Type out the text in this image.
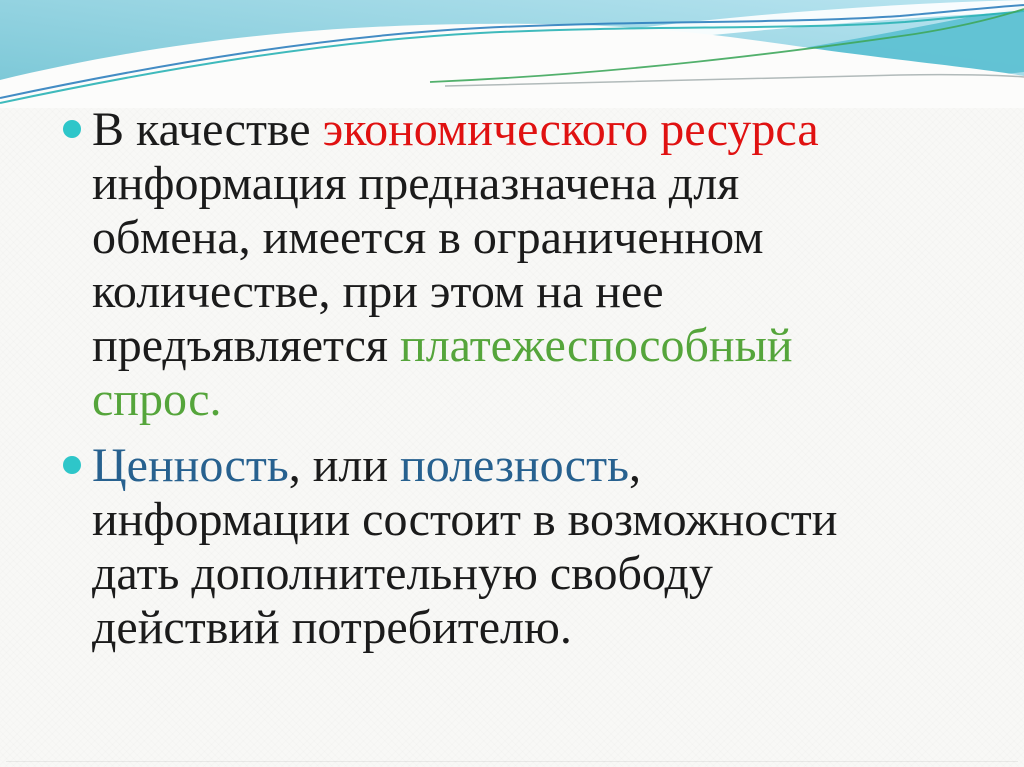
В качестве экономического ресурса
информация предназначена для
обмена, имеется в ограниченном
количестве, при этом на нее
предъявляется платежеспособный
спрос.
Ценность, или полезность,
информации состоит в возможности
дать дополнительную свободу
действий потребителю.
